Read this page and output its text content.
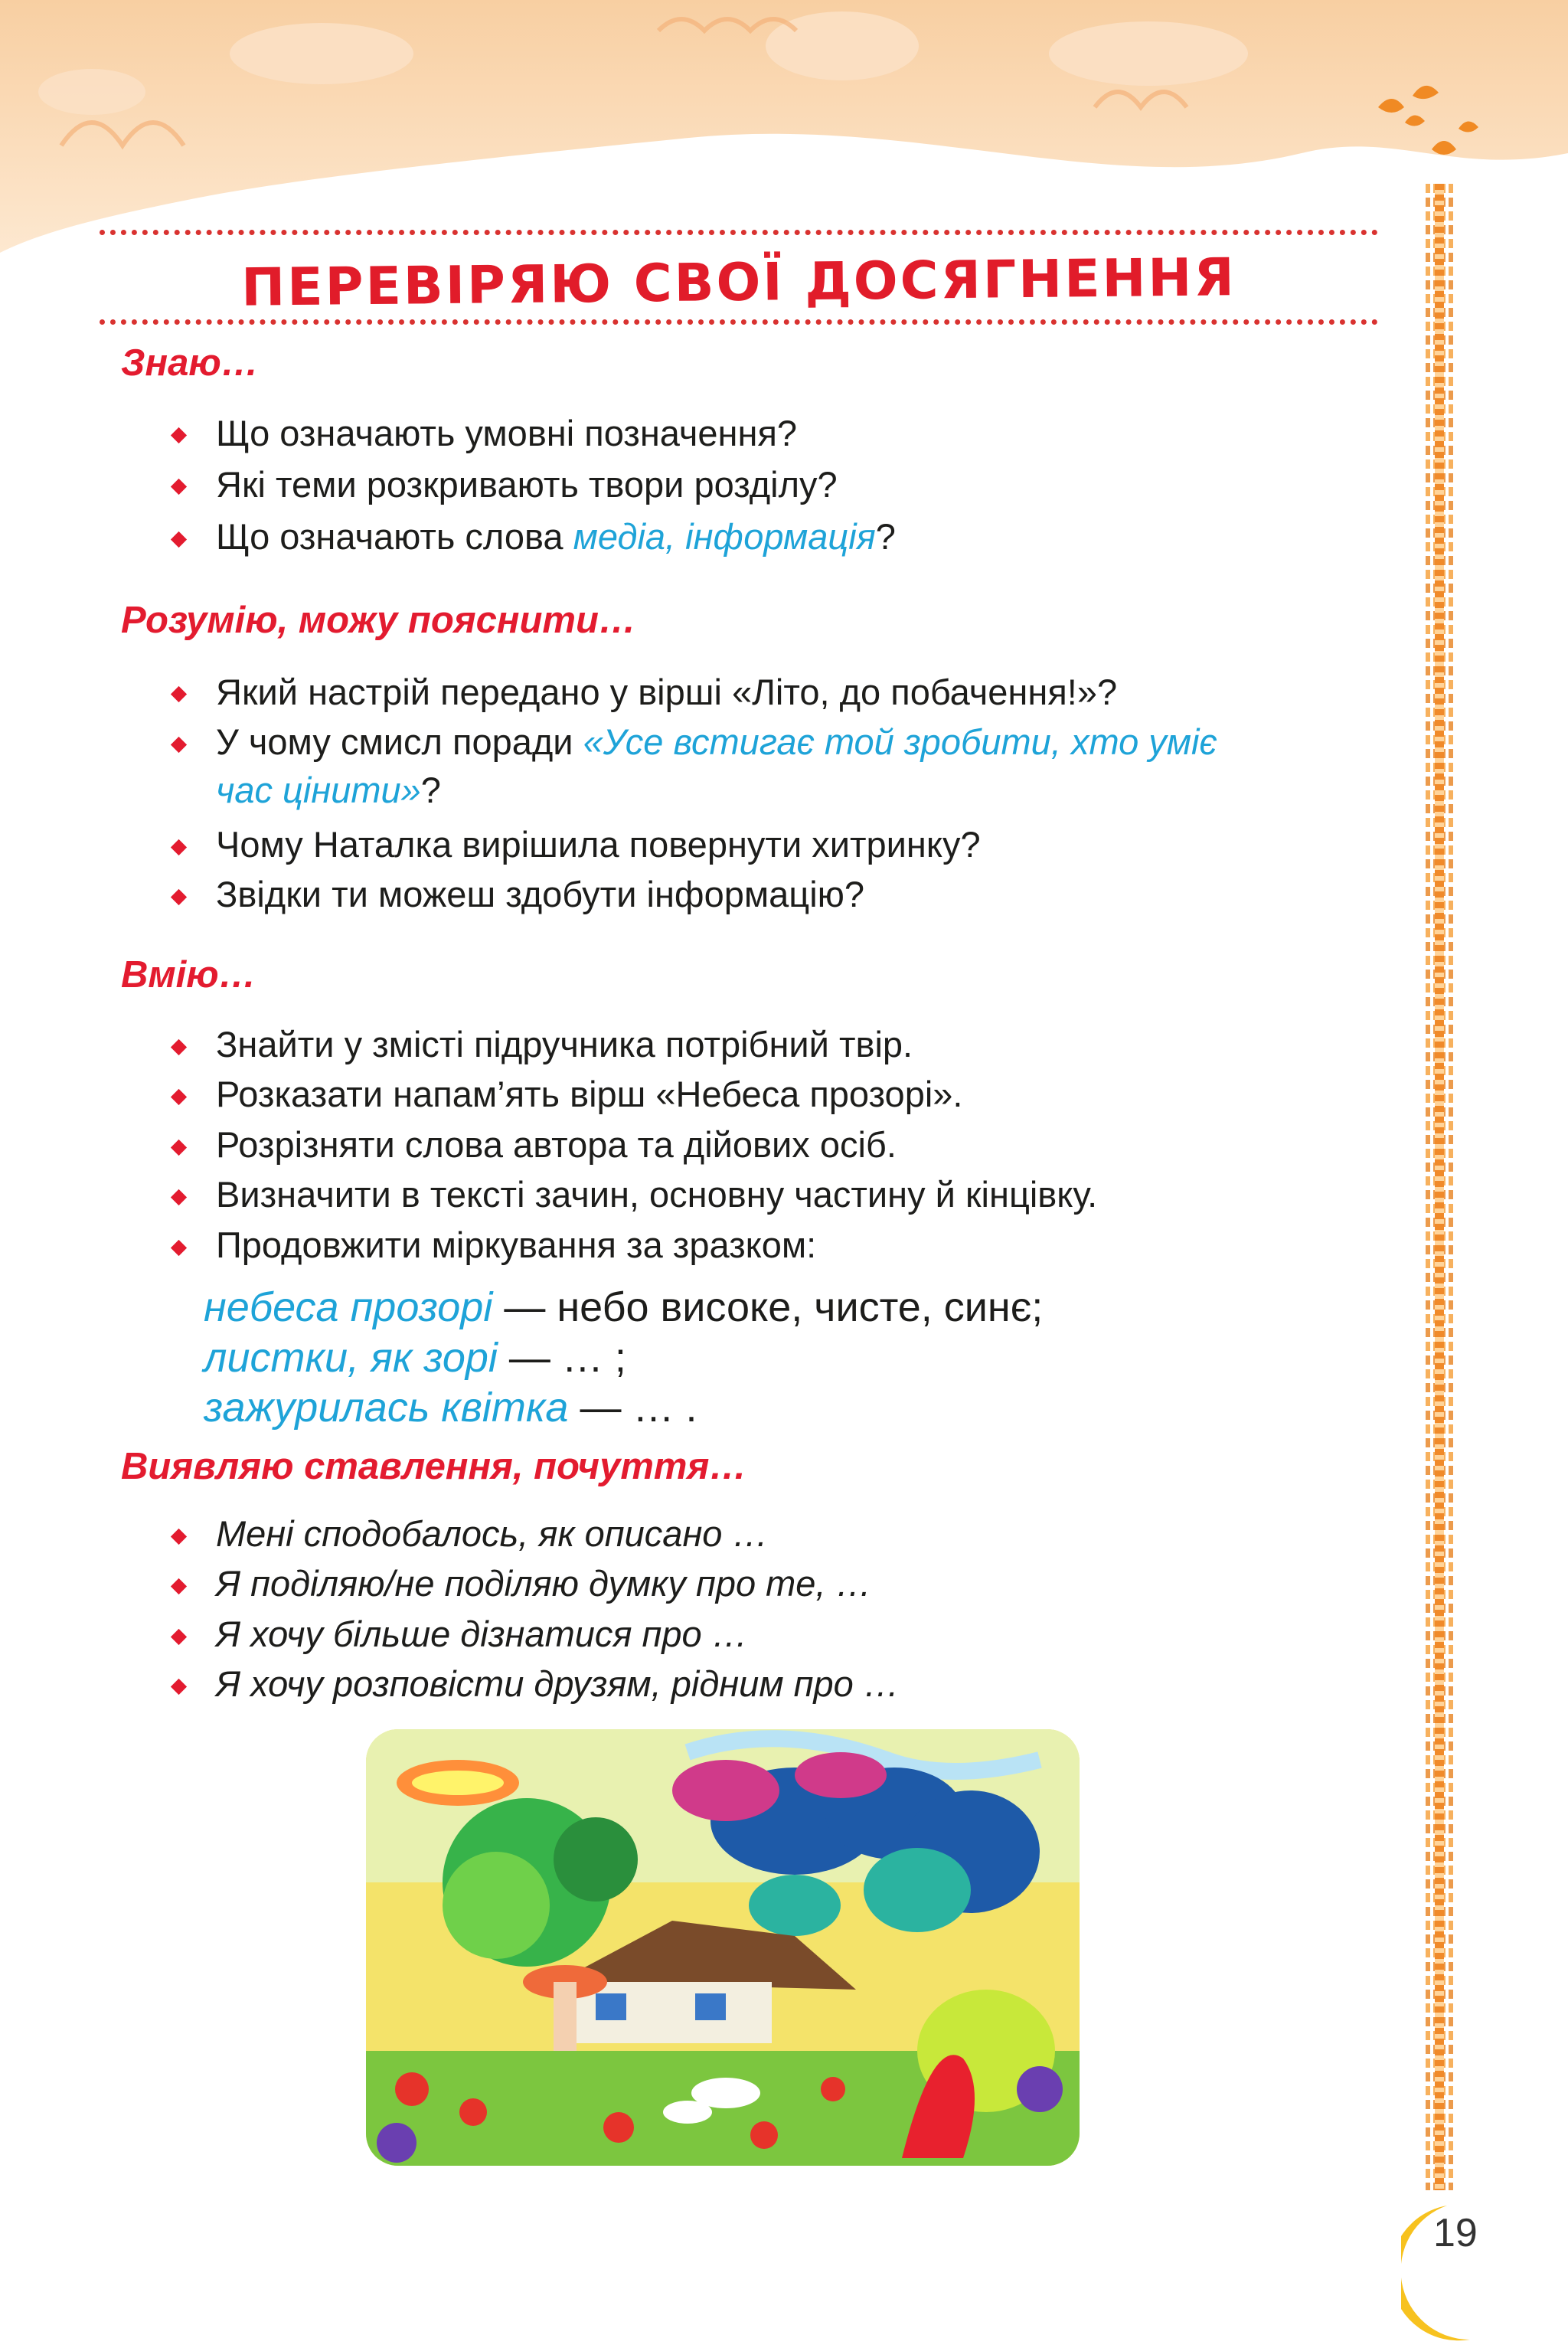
ПЕРЕВІРЯЮ СВОЇ ДОСЯГНЕННЯ
Знаю…
Що означають умовні позначення?
Які теми розкривають твори розділу?
Що означають слова медіа, інформація?
Розумію, можу пояснити…
Який настрій передано у вірші «Літо, до побачення!»?
У чому смисл поради «Усе встигає той зробити, хто уміє
час цінити»?
Чому Наталка вирішила повернути хитринку?
Звідки ти можеш здобути інформацію?
Вмію…
Знайти у змісті підручника потрібний твір.
Розказати напам’ять вірш «Небеса прозорі».
Розрізняти слова автора та дійових осіб.
Визначити в тексті зачин, основну частину й кінцівку.
Продовжити міркування за зразком:
небеса прозорі — небо високе, чисте, синє;
листки, як зорі — … ;
зажурилась квітка — … .
Виявляю ставлення, почуття…
Мені сподобалось, як описано …
Я поділяю/не поділяю думку про те, …
Я хочу більше дізнатися про …
Я хочу розповісти друзям, рідним про …
19
